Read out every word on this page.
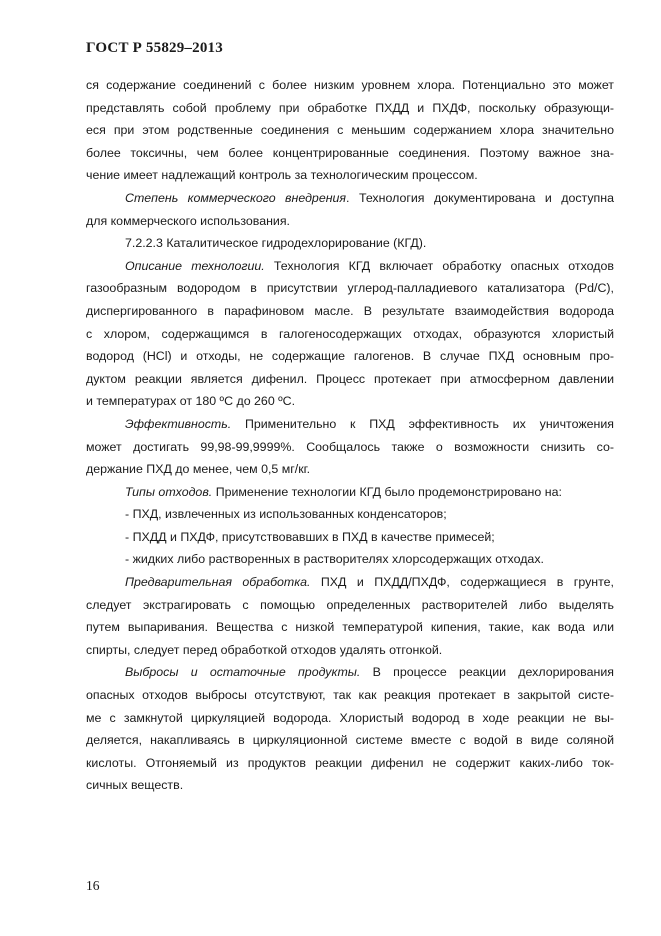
ГОСТ Р 55829–2013
ся содержание соединений с более низким уровнем хлора. Потенциально это может
представлять собой проблему при обработке ПХДД и ПХДФ, поскольку образующи-
еся при этом родственные соединения с меньшим содержанием хлора значительно
более токсичны, чем более концентрированные соединения. Поэтому важное зна-
чение имеет надлежащий контроль за технологическим процессом.
Степень коммерческого внедрения. Технология документирована и доступна
для коммерческого использования.
7.2.2.3 Каталитическое гидродехлорирование (КГД).
Описание технологии. Технология КГД включает обработку опасных отходов
газообразным водородом в присутствии углерод-палладиевого катализатора (Pd/C),
диспергированного в парафиновом масле. В результате взаимодействия водорода
с хлором, содержащимся в галогеносодержащих отходах, образуются хлористый
водород (HCl) и отходы, не содержащие галогенов. В случае ПХД основным про-
дуктом реакции является дифенил. Процесс протекает при атмосферном давлении
и температурах от 180 ºС до 260 ºС.
Эффективность. Применительно к ПХД эффективность их уничтожения
может достигать 99,98-99,9999%. Сообщалось также о возможности снизить со-
держание ПХД до менее, чем 0,5 мг/кг.
Типы отходов. Применение технологии КГД было продемонстрировано на:
- ПХД, извлеченных из использованных конденсаторов;
- ПХДД и ПХДФ, присутствовавших в ПХД в качестве примесей;
- жидких либо растворенных в растворителях хлорсодержащих отходах.
Предварительная обработка. ПХД и ПХДД/ПХДФ, содержащиеся в грунте,
следует экстрагировать с помощью определенных растворителей либо выделять
путем выпаривания. Вещества с низкой температурой кипения, такие, как вода или
спирты, следует перед обработкой отходов удалять отгонкой.
Выбросы и остаточные продукты. В процессе реакции дехлорирования
опасных отходов выбросы отсутствуют, так как реакция протекает в закрытой систе-
ме с замкнутой циркуляцией водорода. Хлористый водород в ходе реакции не вы-
деляется, накапливаясь в циркуляционной системе вместе с водой в виде соляной
кислоты. Отгоняемый из продуктов реакции дифенил не содержит каких-либо ток-
сичных веществ.
16
